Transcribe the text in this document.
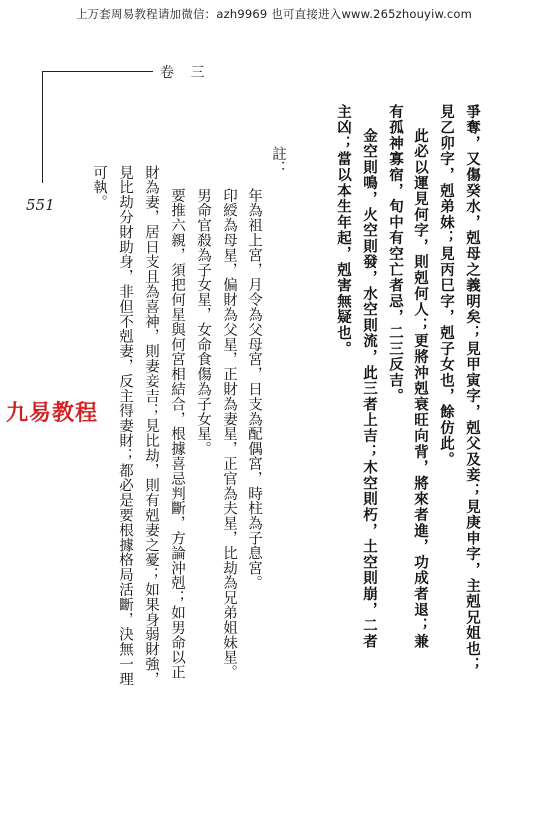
上万套周易教程请加微信：azh9969 也可直接进入www.265zhouyiw.com
卷 三
551
九易教程	爭奪，又傷癸水，剋母之義明矣；見甲寅字，剋父及妾；見庚申字，主剋兄姐也；
見乙卯字，剋弟妹；見丙巳字，剋子女也，餘仿此。
此必以運見何字，則剋何人；更將沖剋衰旺向背，將來者進，功成者退；兼
有孤神寡宿，旬中有空亡者忌，二三反吉。
金空則鳴，火空則發，水空則流，此三者上吉；木空則朽，土空則崩，二者
主凶；當以本生年起，剋害無疑也。
註：
年為祖上宮，月令為父母宮，日支為配偶宮，時柱為子息宮。
印綬為母星，偏財為父星，正財為妻星，正官為夫星，比劫為兄弟姐妹星。
男命官殺為子女星，女命食傷為子女星。
要推六親，須把何星與何宮相結合，根據喜忌判斷，方論沖剋；如男命以正
財為妻，居日支且為喜神，則妻妾吉；見比劫，則有剋妻之憂；如果身弱財強，
見比劫分財助身，非但不剋妻，反主得妻財；都必是要根據格局活斷，決無一理
可執。
